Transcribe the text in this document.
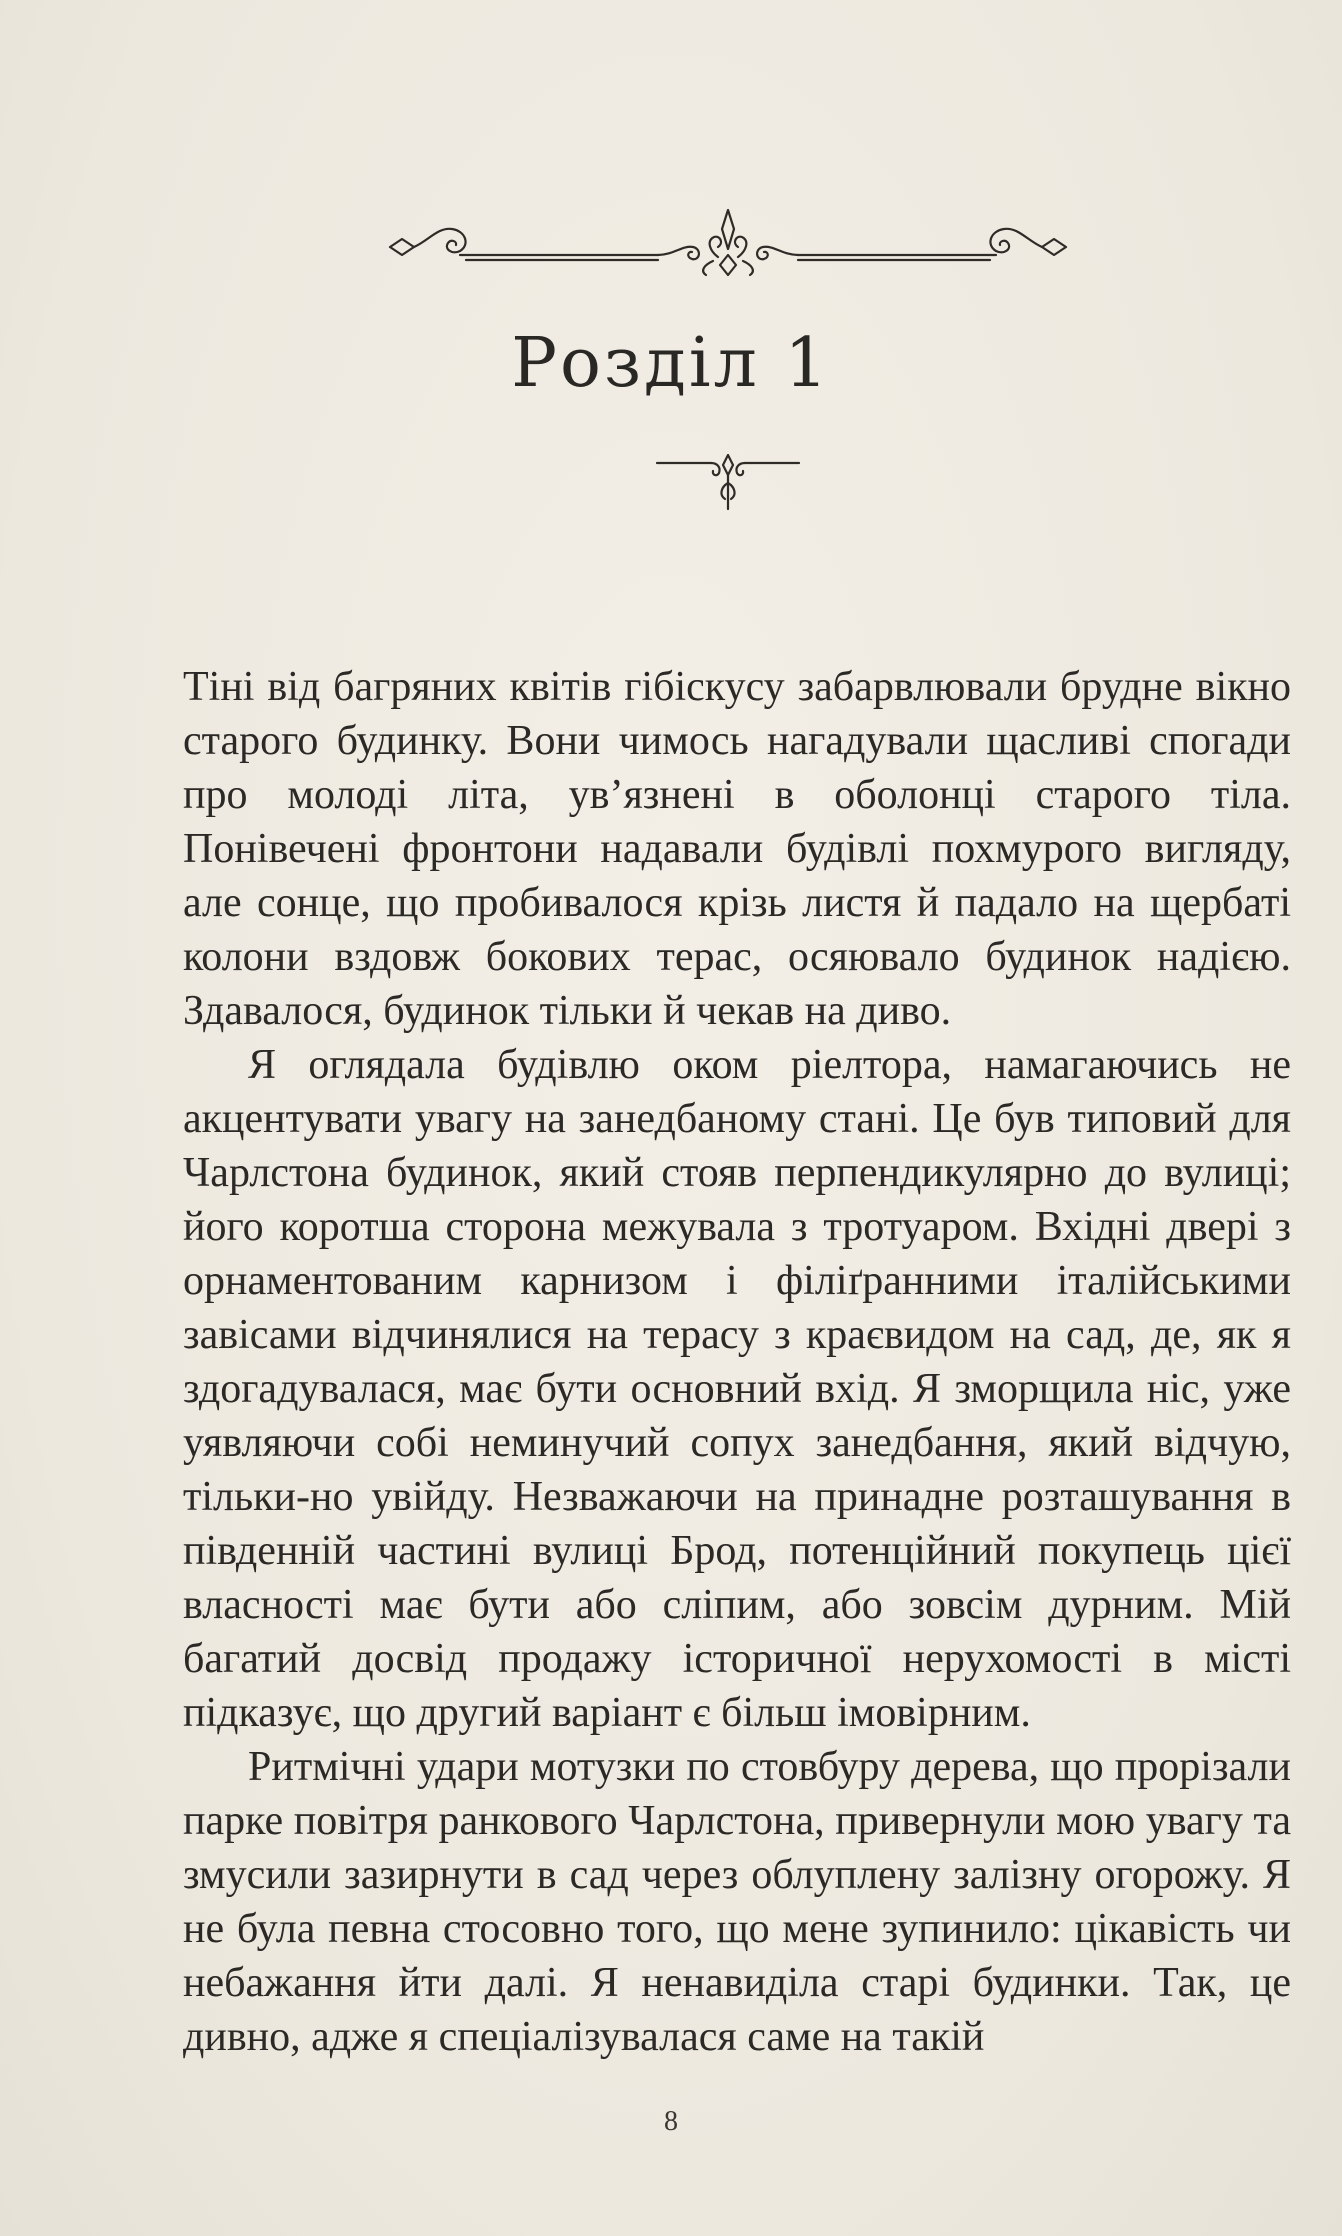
Розділ 1

Тіні від багряних квітів гібіскусу забарвлювали брудне вікно старого будинку. Вони чимось нагадували щасливі спогади про молоді літа, ув’язнені в оболонці старого тіла. Понівечені фронтони надавали будівлі похмурого вигляду, але сонце, що пробивалося крізь листя й падало на щербаті колони вздовж бокових терас, осяювало будинок надією. Здавалося, будинок тільки й чекав на диво.

Я оглядала будівлю оком ріелтора, намагаючись не акцентувати увагу на занедбаному стані. Це був типовий для Чарлстона будинок, який стояв перпендикулярно до вулиці; його коротша сторона межувала з тротуаром. Вхідні двері з орнаментованим карнизом і філіґранними італійськими завісами відчинялися на терасу з краєвидом на сад, де, як я здогадувалася, має бути основний вхід. Я зморщила ніс, уже уявляючи собі неминучий сопух занедбання, який відчую, тільки-но увійду. Незважаючи на принадне розташування в південній частині вулиці Брод, потенційний покупець цієї власності має бути або сліпим, або зовсім дурним. Мій багатий досвід продажу історичної нерухомості в місті підказує, що другий варіант є більш імовірним.

Ритмічні удари мотузки по стовбуру дерева, що прорізали парке повітря ранкового Чарлстона, привернули мою увагу та змусили зазирнути в сад через облуплену залізну огорожу. Я не була певна стосовно того, що мене зупинило: цікавість чи небажання йти далі. Я ненавиділа старі будинки. Так, це дивно, адже я спеціалізувалася саме на такій

8
